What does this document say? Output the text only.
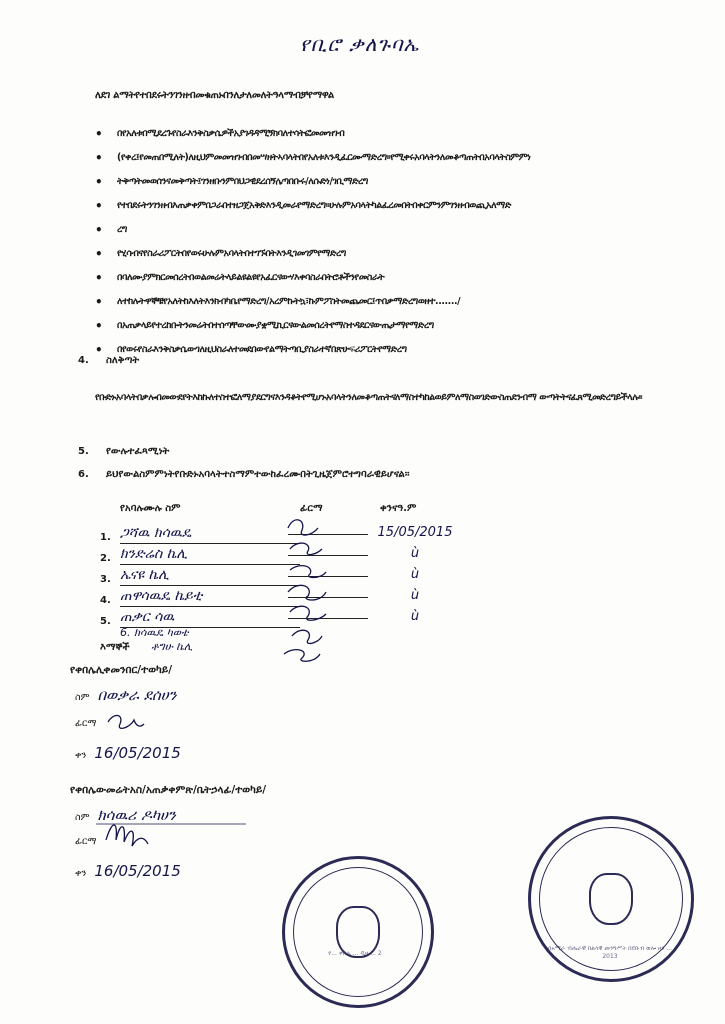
የቢሮ ቃለጉባኤ
ለደገ ልማትየተበደሩትንገንዘብመቁጠኑበንለታለመለትዓላማብቻየማዋል
• በየአለቱበሚደረጉየስራእንቅስቃሴዎችአያገዳዳሚኝክባለተሳትፎመመዝገብ
• (የቀረ፤የመጠበሚለት)ለዚህምመመዝገብበመሣዘትኣባላትበየአለቱእንዲፈርሙማድረግ፡፡የሚቀሩአባላትንለመቆጣጠትበአባላትስምምነ
• ትቅጣትመወሰንናመቅጣት፤ገንዘቡንምበህጋዊደረሰኝሌጣበቡሩ/ለሱድነ/ገቢማድረግ
• የተበደሩትንገንዘብእጠቃቀምበጋራበተዘጋጀአቅድእንዲመራየማድረግ፡፡ሁሉምአባላትካልፈረመበትበቀርምንምገንዘብወጪአለማድ
• ረግ
• የሂሳብናየስራሪፖርትበየወሩሁሉምአባላትበተገኙበትእንዲገመገምየማድረግ
• በባለሙያምክርመሰረትበወልመሬትላይልዩልዩየአፈርናውሃእቀባስራበትሮቶችንየመስራት
• ለተከሉትዋኞቹየአለትከእለትእንክብካቤየማድረግ/አረምኩትኳ፣ኩምፖስትመጨመር፤ጥበቃማድረግወዘተ......./
• በአጠቃላይየተረከቡትንመሬትበተሰጣቸውሙያቋሚኪርናውልመሰረትየማስተዳደርናውጤታማየማድረግ
• በየወሩየስራእንቅስቃሴውገለዚህስራለተመደበውየልማትጣቢያስራተኛበጽሁፍሪፖርትየማድረግ
4. ስለቅጣት
የቡድኑአባላትበቃሎበመውደየትእከኩለተስተፎለማያደርግናእንዳቆትየሚሆኑአባላትንለመቆጣጠትናለማስተካከልወይምለማስወገድውስጠደንብማ ውጣትትናፈጸሚመድረግይችላሉ፡፡
5. የውሉተፈጻሚነት
6. ይህየውልስምምነትየቡድኑአባላትተስማምተውከፈረሙበትጊዜጀምሮተግባራዊይሆናል፡፡
የአባሉሙሉ ስም	ፊርማ	ቀንናዓ.ም
1. ጋሻዉ ክሳዉዴ	15/05/2015
2. ክንድሬስ ኬሊ	ù
3. ኤናዩ ኬሊ	ù
4. ጠዋሳዉዴ ኬይቲ	ù
5. ጠቃር ሳዉ	ù
6. ክሳዉዴ ካወቴ
እማኞች ቶግሁ ኬሊ
የቀበሌሊቀመንበር/ተወካይ/
ስም በወቃራ ደሰሀን
ፊርማ
ቀን 16/05/2015
የቀበሌውመሬትአስ/አጠቃቀምጽ/ቤትኃላፊ/ተወካይ/
ስም ክሳዉሪ ዶካሀን
ፊርማ
ቀን 16/05/2015
የ... ቀበሌ ... ዲዛ ... 2
በአማራ ብሔራዊ ክልላዊ መንግሥት በደቡብ ወሎ ዞን ... 2013
